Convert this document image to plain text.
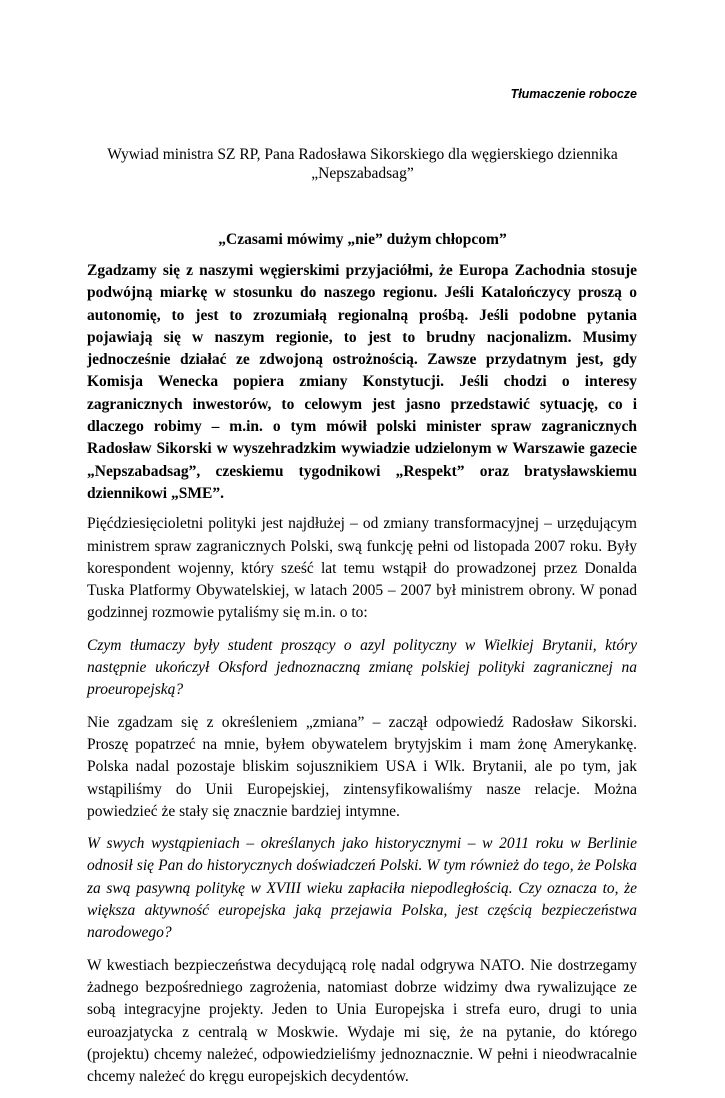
Tłumaczenie robocze

Wywiad ministra SZ RP, Pana Radosława Sikorskiego dla węgierskiego dziennika
„Nepszabadsag”
„Czasami mówimy „nie” dużym chłopcom”

Zgadzamy się z naszymi węgierskimi przyjaciółmi, że Europa Zachodnia stosuje podwójną miarkę w stosunku do naszego regionu. Jeśli Katalończycy proszą o autonomię, to jest to zrozumiałą regionalną prośbą. Jeśli podobne pytania pojawiają się w naszym regionie, to jest to brudny nacjonalizm. Musimy jednocześnie działać ze zdwojoną ostrożnością. Zawsze przydatnym jest, gdy Komisja Wenecka popiera zmiany Konstytucji. Jeśli chodzi o interesy zagranicznych inwestorów, to celowym jest jasno przedstawić sytuację, co i dlaczego robimy – m.in. o tym mówił polski minister spraw zagranicznych Radosław Sikorski w wyszehradzkim wywiadzie udzielonym w Warszawie gazecie „Nepszabadsag”, czeskiemu tygodnikowi „Respekt” oraz bratysławskiemu dziennikowi „SME”.

Pięćdziesięcioletni polityki jest najdłużej – od zmiany transformacyjnej – urzędującym ministrem spraw zagranicznych Polski, swą funkcję pełni od listopada 2007 roku. Były korespondent wojenny, który sześć lat temu wstąpił do prowadzonej przez Donalda Tuska Platformy Obywatelskiej, w latach 2005 – 2007 był ministrem obrony. W ponad godzinnej rozmowie pytaliśmy się m.in. o to:

Czym tłumaczy były student proszący o azyl polityczny w Wielkiej Brytanii, który następnie ukończył Oksford jednoznaczną zmianę polskiej polityki zagranicznej na proeuropejską?

Nie zgadzam się z określeniem „zmiana” – zaczął odpowiedź Radosław Sikorski. Proszę popatrzeć na mnie, byłem obywatelem brytyjskim i mam żonę Amerykankę. Polska nadal pozostaje bliskim sojusznikiem USA i Wlk. Brytanii, ale po tym, jak wstąpiliśmy do Unii Europejskiej, zintensyfikowaliśmy nasze relacje. Można powiedzieć że stały się znacznie bardziej intymne.

W swych wystąpieniach – określanych jako historycznymi – w 2011 roku w Berlinie odnosił się Pan do historycznych doświadczeń Polski. W tym również do tego, że Polska za swą pasywną politykę w XVIII wieku zapłaciła niepodległością. Czy oznacza to, że większa aktywność europejska jaką przejawia Polska, jest częścią bezpieczeństwa narodowego?

W kwestiach bezpieczeństwa decydującą rolę nadal odgrywa NATO. Nie dostrzegamy żadnego bezpośredniego zagrożenia, natomiast dobrze widzimy dwa rywalizujące ze sobą integracyjne projekty. Jeden to Unia Europejska i strefa euro, drugi to unia euroazjatycka z centralą w Moskwie. Wydaje mi się, że na pytanie, do którego (projektu) chcemy należeć, odpowiedzieliśmy jednoznacznie. W pełni i nieodwracalnie chcemy należeć do kręgu europejskich decydentów.
